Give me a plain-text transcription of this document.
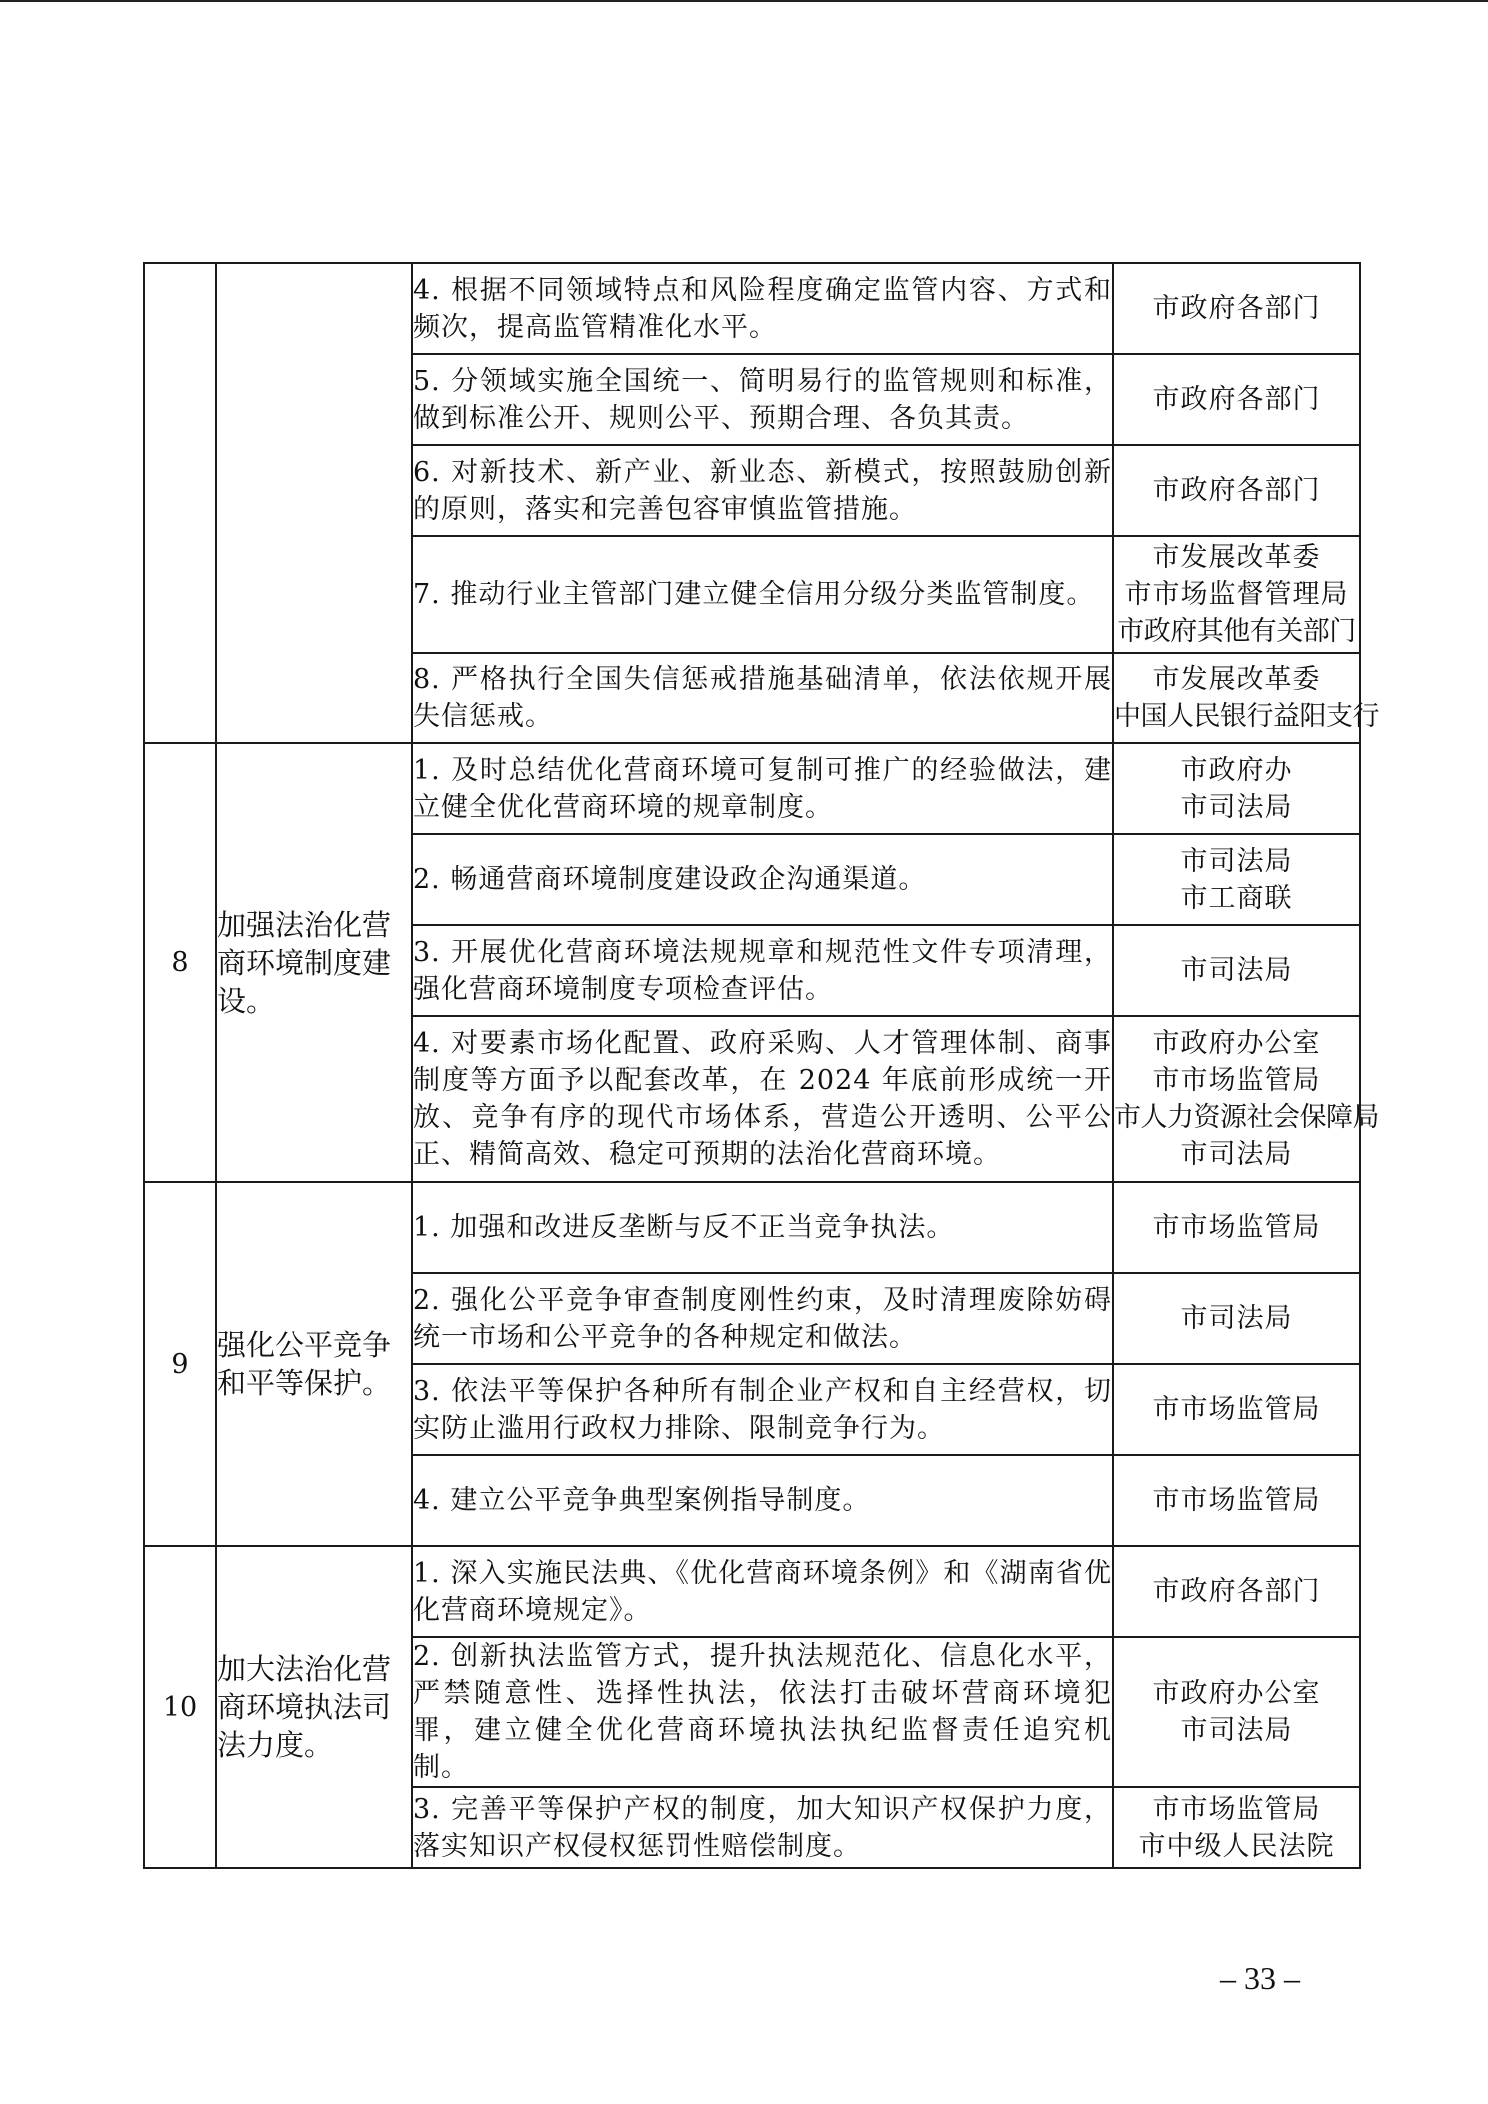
		4. 根据不同领域特点和风险程度确定监管内容、方式和频次，提高监管精准化水平。	市政府各部门

		5. 分领域实施全国统一、简明易行的监管规则和标准，做到标准公开、规则公平、预期合理、各负其责。	市政府各部门

		6. 对新技术、新产业、新业态、新模式，按照鼓励创新的原则，落实和完善包容审慎监管措施。	市政府各部门

		7. 推动行业主管部门建立健全信用分级分类监管制度。	市发展改革委
市市场监督管理局
市政府其他有关部门

		8. 严格执行全国失信惩戒措施基础清单，依法依规开展失信惩戒。	市发展改革委
中国人民银行益阳支行

8	加强法治化营商环境制度建设。	1. 及时总结优化营商环境可复制可推广的经验做法，建立健全优化营商环境的规章制度。	市政府办
市司法局

		2. 畅通营商环境制度建设政企沟通渠道。	市司法局
市工商联

		3. 开展优化营商环境法规规章和规范性文件专项清理，强化营商环境制度专项检查评估。	市司法局

		4. 对要素市场化配置、政府采购、人才管理体制、商事制度等方面予以配套改革，在 2024 年底前形成统一开放、竞争有序的现代市场体系，营造公开透明、公平公正、精简高效、稳定可预期的法治化营商环境。	市政府办公室
市市场监管局
市人力资源社会保障局
市司法局

9	强化公平竞争和平等保护。	1. 加强和改进反垄断与反不正当竞争执法。	市市场监管局

		2. 强化公平竞争审查制度刚性约束，及时清理废除妨碍统一市场和公平竞争的各种规定和做法。	市司法局

		3. 依法平等保护各种所有制企业产权和自主经营权，切实防止滥用行政权力排除、限制竞争行为。	市市场监管局

		4. 建立公平竞争典型案例指导制度。	市市场监管局

10	加大法治化营商环境执法司法力度。	1. 深入实施民法典、《优化营商环境条例》和《湖南省优化营商环境规定》。	市政府各部门

		2. 创新执法监管方式，提升执法规范化、信息化水平，严禁随意性、选择性执法，依法打击破坏营商环境犯罪，建立健全优化营商环境执法执纪监督责任追究机制。	市政府办公室
市司法局

		3. 完善平等保护产权的制度，加大知识产权保护力度，落实知识产权侵权惩罚性赔偿制度。	市市场监管局
市中级人民法院
– 33 –
